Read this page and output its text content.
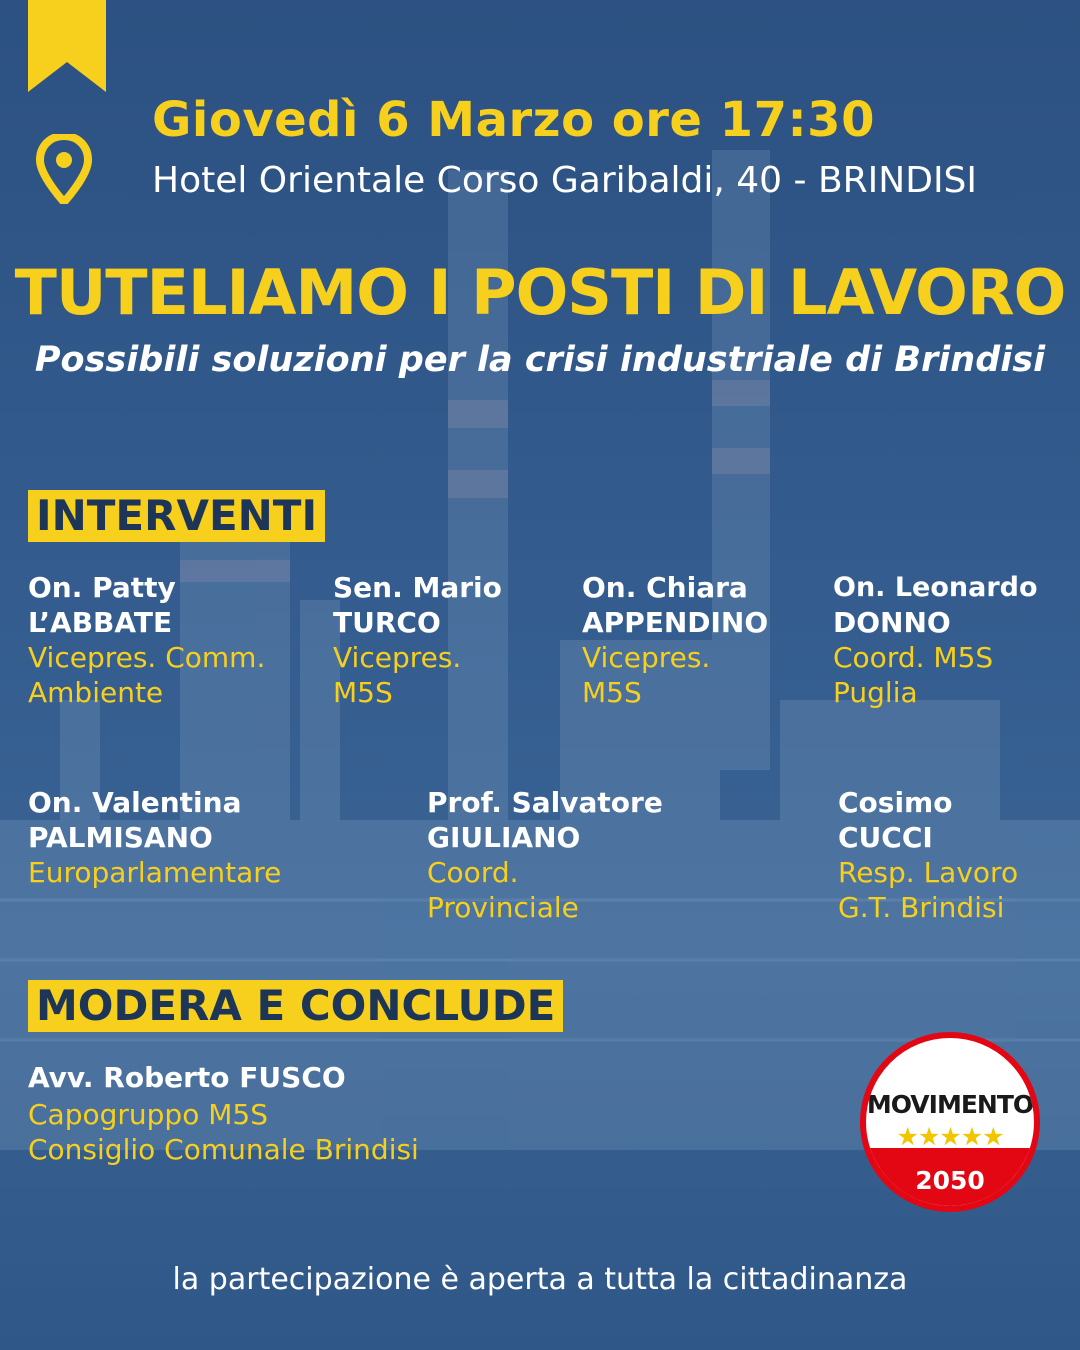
Giovedì 6 Marzo ore 17:30
Hotel Orientale Corso Garibaldi, 40 - BRINDISI
TUTELIAMO I POSTI DI LAVORO
Possibili soluzioni per la crisi industriale di Brindisi
INTERVENTI
On. Patty
L’ABBATE
Vicepres. Comm.
Ambiente
Sen. Mario
TURCO
Vicepres.
M5S
On. Chiara
APPENDINO
Vicepres.
M5S
On. Leonardo
DONNO
Coord. M5S
Puglia
On. Valentina
PALMISANO
Europarlamentare
Prof. Salvatore
GIULIANO
Coord.
Provinciale
Cosimo
CUCCI
Resp. Lavoro
G.T. Brindisi
MODERA E CONCLUDE
Avv. Roberto FUSCO
Capogruppo M5S
Consiglio Comunale Brindisi
MOVIMENTO
★★★★★
2050
la partecipazione è aperta a tutta la cittadinanza
